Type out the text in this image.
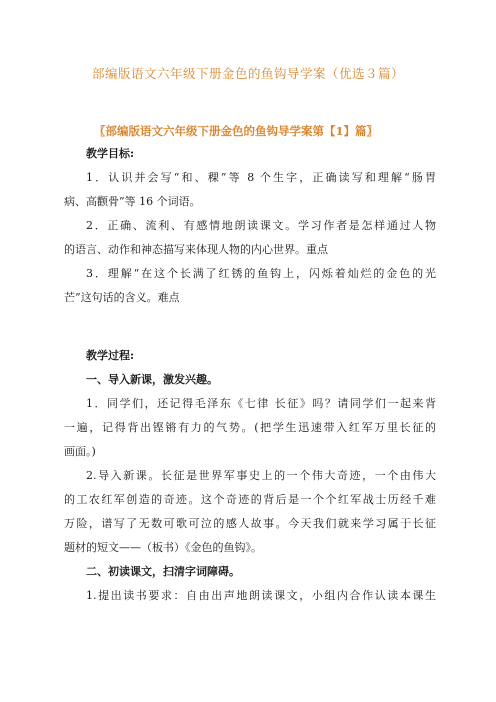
部编版语文六年级下册金色的鱼钩导学案（优选３篇）
〖部编版语文六年级下册金色的鱼钩导学案第【1】篇〗
教学目标:
1．认识并会写“和、稞”等 8 个生字，正确读写和理解“肠胃
病、高颧骨”等 16 个词语。
2．正确、流利、有感情地朗读课文。学习作者是怎样通过人物
的语言、动作和神态描写来体现人物的内心世界。重点
3．理解“在这个长满了红锈的鱼钩上，闪烁着灿烂的金色的光
芒”这句话的含义。难点
教学过程:
一、导入新课，激发兴趣。
1．同学们，还记得毛泽东《七律 长征》吗？请同学们一起来背
一遍，记得背出铿锵有力的气势。(把学生迅速带入红军万里长征的
画面。)
2.导入新课。长征是世界军事史上的一个伟大奇迹，一个由伟大
的工农红军创造的奇迹。这个奇迹的背后是一个个红军战士历经千难
万险，谱写了无数可歌可泣的感人故事。今天我们就来学习属于长征
题材的短文——（板书）《金色的鱼钩》。
二、初读课文，扫清字词障碍。
1.提出读书要求：自由出声地朗读课文，小组内合作认读本课生
